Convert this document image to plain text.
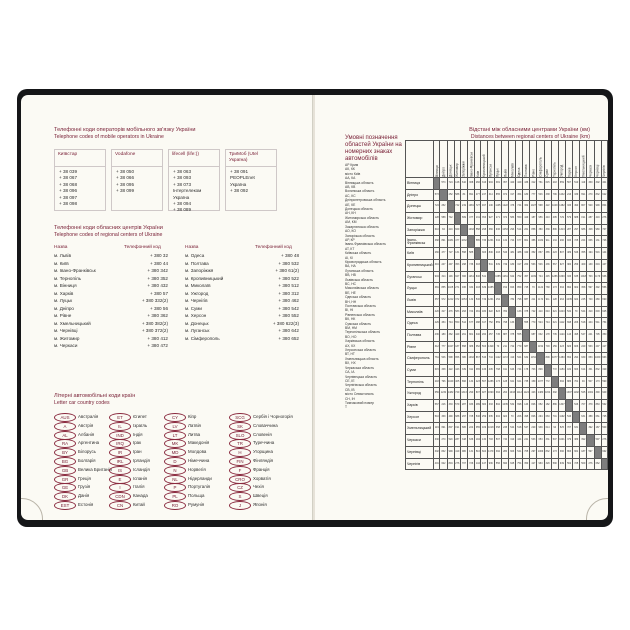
Телефонні коди операторів мобільного зв'язку України
Telephone codes of mobile operators in Ukraine
Київстар
+ 38 039
+ 38 067
+ 38 068
+ 38 096
+ 38 097
+ 38 098
Vodafone
+ 38 050
+ 38 066
+ 38 095
+ 38 099
lifecell (life:))
+ 38 063
+ 38 093
+ 38 073
Інтертелеком Україна
+ 38 094
+ 38 089
ТриМоб (Utel Україна)
+ 38 091
PEOPLEnet Україна
+ 38 092
Телефонні коди обласних центрів України
Telephone codes of regional centers of Ukraine
Назва	Телефонний код	Назва	Телефонний код
м. Львів	+ 380 32
м. Київ	+ 380 44
м. Івано-Франківськ	+ 380 342
м. Тернопіль	+ 380 352
м. Вінниця	+ 380 432
м. Харків	+ 380 57
м. Луцьк	+ 380 332(2)
м. Дніпро	+ 380 56
м. Рівне	+ 380 362
м. Хмельницький	+ 380 382(2)
м. Чернівці	+ 380 372(2)
м. Житомир	+ 380 412
м. Черкаси	+ 380 472
м. Одеса	+ 380 48
м. Полтава	+ 380 532
м. Запоріжжя	+ 380 61(2)
м. Кропивницький	+ 380 522
м. Миколаїв	+ 380 512
м. Ужгород	+ 380 312
м. Чернігів	+ 380 462
м. Суми	+ 380 542
м. Херсон	+ 380 552
м. Донецьк	+ 380 622(3)
м. Луганськ	+ 380 642
м. Сімферополь	+ 380 652
Літерні автомобільні коди країн
Letter car country codes
AUS	Австралія
A	Австрія
AL	Албанія
RA	Аргентина
BY	Білорусь
BG	Болгарія
GB	Велика Британія
GR	Греція
GE	Грузія
DK	Данія
EST	Естонія
ET	Єгипет
IL	Ізраїль
IND	Індія
IRQ	Ірак
IR	Іран
IRL	Ірландія
IS	Ісландія
E	Іспанія
I	Італія
CDN	Канада
CN	Китай
CY	Кіпр
LV	Латвія
LT	Литва
MK	Македонія
MD	Молдова
D	Німеччина
N	Норвегія
NL	Нідерланди
P	Португалія
PL	Польща
RO	Румунія
SCG	Сербія і Чорногорія
SK	Словаччина
SLO	Словенія
TR	Туреччина
H	Угорщина
FIN	Фінляндія
F	Франція
CRO	Хорватія
CZ	Чехія
S	Швеція
J	Японія
Відстані між обласними центрами України (км)
Distances between regional centers of Ukraine (km)
Умовні позначення областей України на номерних знаках автомобілів
АР Крим
АК, КК
місто Київ
АА, КА
Вінницька область
АВ, КВ
Волинська область
АС, КС
Дніпропетровська область
АЕ, КЕ
Донецька область
АН, КН
Житомирська область
АМ, КМ
Закарпатська область
АО, КО
Запорізька область
АР, КР
Івано-Франківська область
АТ, КТ
Київська область
АІ, КІ
Кіровоградська область
ВА, НА
Луганська область
ВВ, НВ
Львівська область
ВС, НС
Миколаївська область
ВЕ, НЕ
Одеська область
ВН, НН
Полтавська область
ВІ, НІ
Рівненська область
ВК, НК
Сумська область
ВМ, НМ
Тернопільська область
ВО, НО
Харківська область
АХ, КХ
Херсонська область
ВТ, НТ
Хмельницька область
ВХ, НХ
Черкаська область
СА, ІА
Чернівецька область
СЕ, ІЕ
Чернігівська область
СВ, ІВ
місто Севастополь
СН, ІН
Тимчасовий номер
Т
	Вінниця	Дніпро	Донецьк	Житомир	Запоріжжя	Івано-Франківськ	Київ	Кропивницький	Луганськ	Луцьк	Львів	Миколаїв	Одеса	Полтава	Рівне	Сімферополь	Суми	Тернопіль	Ужгород	Харків	Херсон	Хмельницький	Черкаси	Чернівці	Чернігів
Вінниця		573	724	128	610	368	266	316	904	381	357	420	429	436	312	761	615	218	659	567	510	119	330	302	401
Дніпро	573		252	588	84	891	477	247	314	855	972	317	454	180	777	546	338	796	1232	216	339	691	270	832	622
Донецьк	724	252		742	219	1081	727	497	146	1105	1222	476	744	362	1027	598	422	1049	1482	333	490	807	520	999	804
Житомир	128	588	742		669	477	131	353	927	271	372	583	550	429	187	956	443	405	729	579	688	191	287	419	276
Запоріжжя	610	84	219	669		1032	558	298	366	936	1053	293	514	261	858	380	339	896	1313	287	297	686	348	980	707
Івано-Франківськ	368	891	1081	477	1032		585	736	1261	334	132	724	677	801	386	1032	911	134	290	933	725	224	636	131	726
Київ	266	477	727	131	558	585		303	846	403	546	481	488	340	352	867	365	423	807	489	546	355	194	516	144
Кропивницький	316	247	497	353	298	736	303		541	639	749	180	317	260	563	546	436	567	927	384	259	409	130	604	447
Луганськ	904	314	146	927	366	1261	846	541		1085	1261	622	752	457	1199	744	445	1286	1690	333	635	1018	703	1179	936
Луцьк	381	855	1105	271	936	334	403	639	1085		152	823	859	745	70	1122	768	173	394	892	902	358	597	392	556
Львів	357	972	1222	372	1053	132	546	749	1261	152		782	798	887	211	1172	911	128	264	1035	924	245	740	280	690
Миколаїв	420	317	476	583	293	724	481	180	622	823	782		133	375	722	410	643	621	1043	532	70	544	310	603	625
Одеса	429	454	744	550	514	677	488	317	752	859	798	133		555	770	524	744	621	1112	698	206	518	444	541	754
Полтава	436	180	362	429	261	801	340	260	457	745	887	375	555		687	632	178	735	1124	143	495	547	241	705	350
Рівне	312	777	1027	187	858	386	352	563	1199	70	211	722	770	687		1152	703	159	423	826	826	229	533	297	417
Сімферополь	761	546	598	956	380	1032	867	546	744	1122	1172	410	524	632	1152		809	1077	1480	652	294	939	653	1069	963
Суми	615	338	422	443	339	911	365	436	445	768	911	643	744	178	703	809		772	1154	182	663	614	331	832	329
Тернопіль	218	796	1049	405	896	134	423	567	1286	173	128	621	621	735	159	1077	772		392	886	701	94	507	173	590
Ужгород	659	1232	1482	729	1313	290	807	927	1690	394	264	1043	1112	1124	423	1480	1154	392		1307	1192	525	1001	390	949
Харків	567	216	333	579	287	933	489	384	333	892	1035	532	698	143	826	652	182	886	1307		546	707	379	863	562
Херсон	510	339	490	688	297	725	546	259	635	902	924	70	206	495	826	294	663	701	1192	546		631	389	661	725
Хмельницький	119	691	807	191	686	224	355	409	1018	358	245	544	518	547	229	939	614	94	525	707	631		392	187	509
Черкаси	330	270	520	287	348	636	194	130	703	597	740	310	444	241	533	653	331	507	1001	379	389	392		597	276
Чернівці	302	832	999	419	980	131	516	604	1179	392	280	603	541	705	297	1069	832	173	390	863	661	187	597		662
Чернігів	401	622	804	276	707	726	144	447	936	556	690	625	754	350	417	963	329	590	949	562	725	509	276	662	
